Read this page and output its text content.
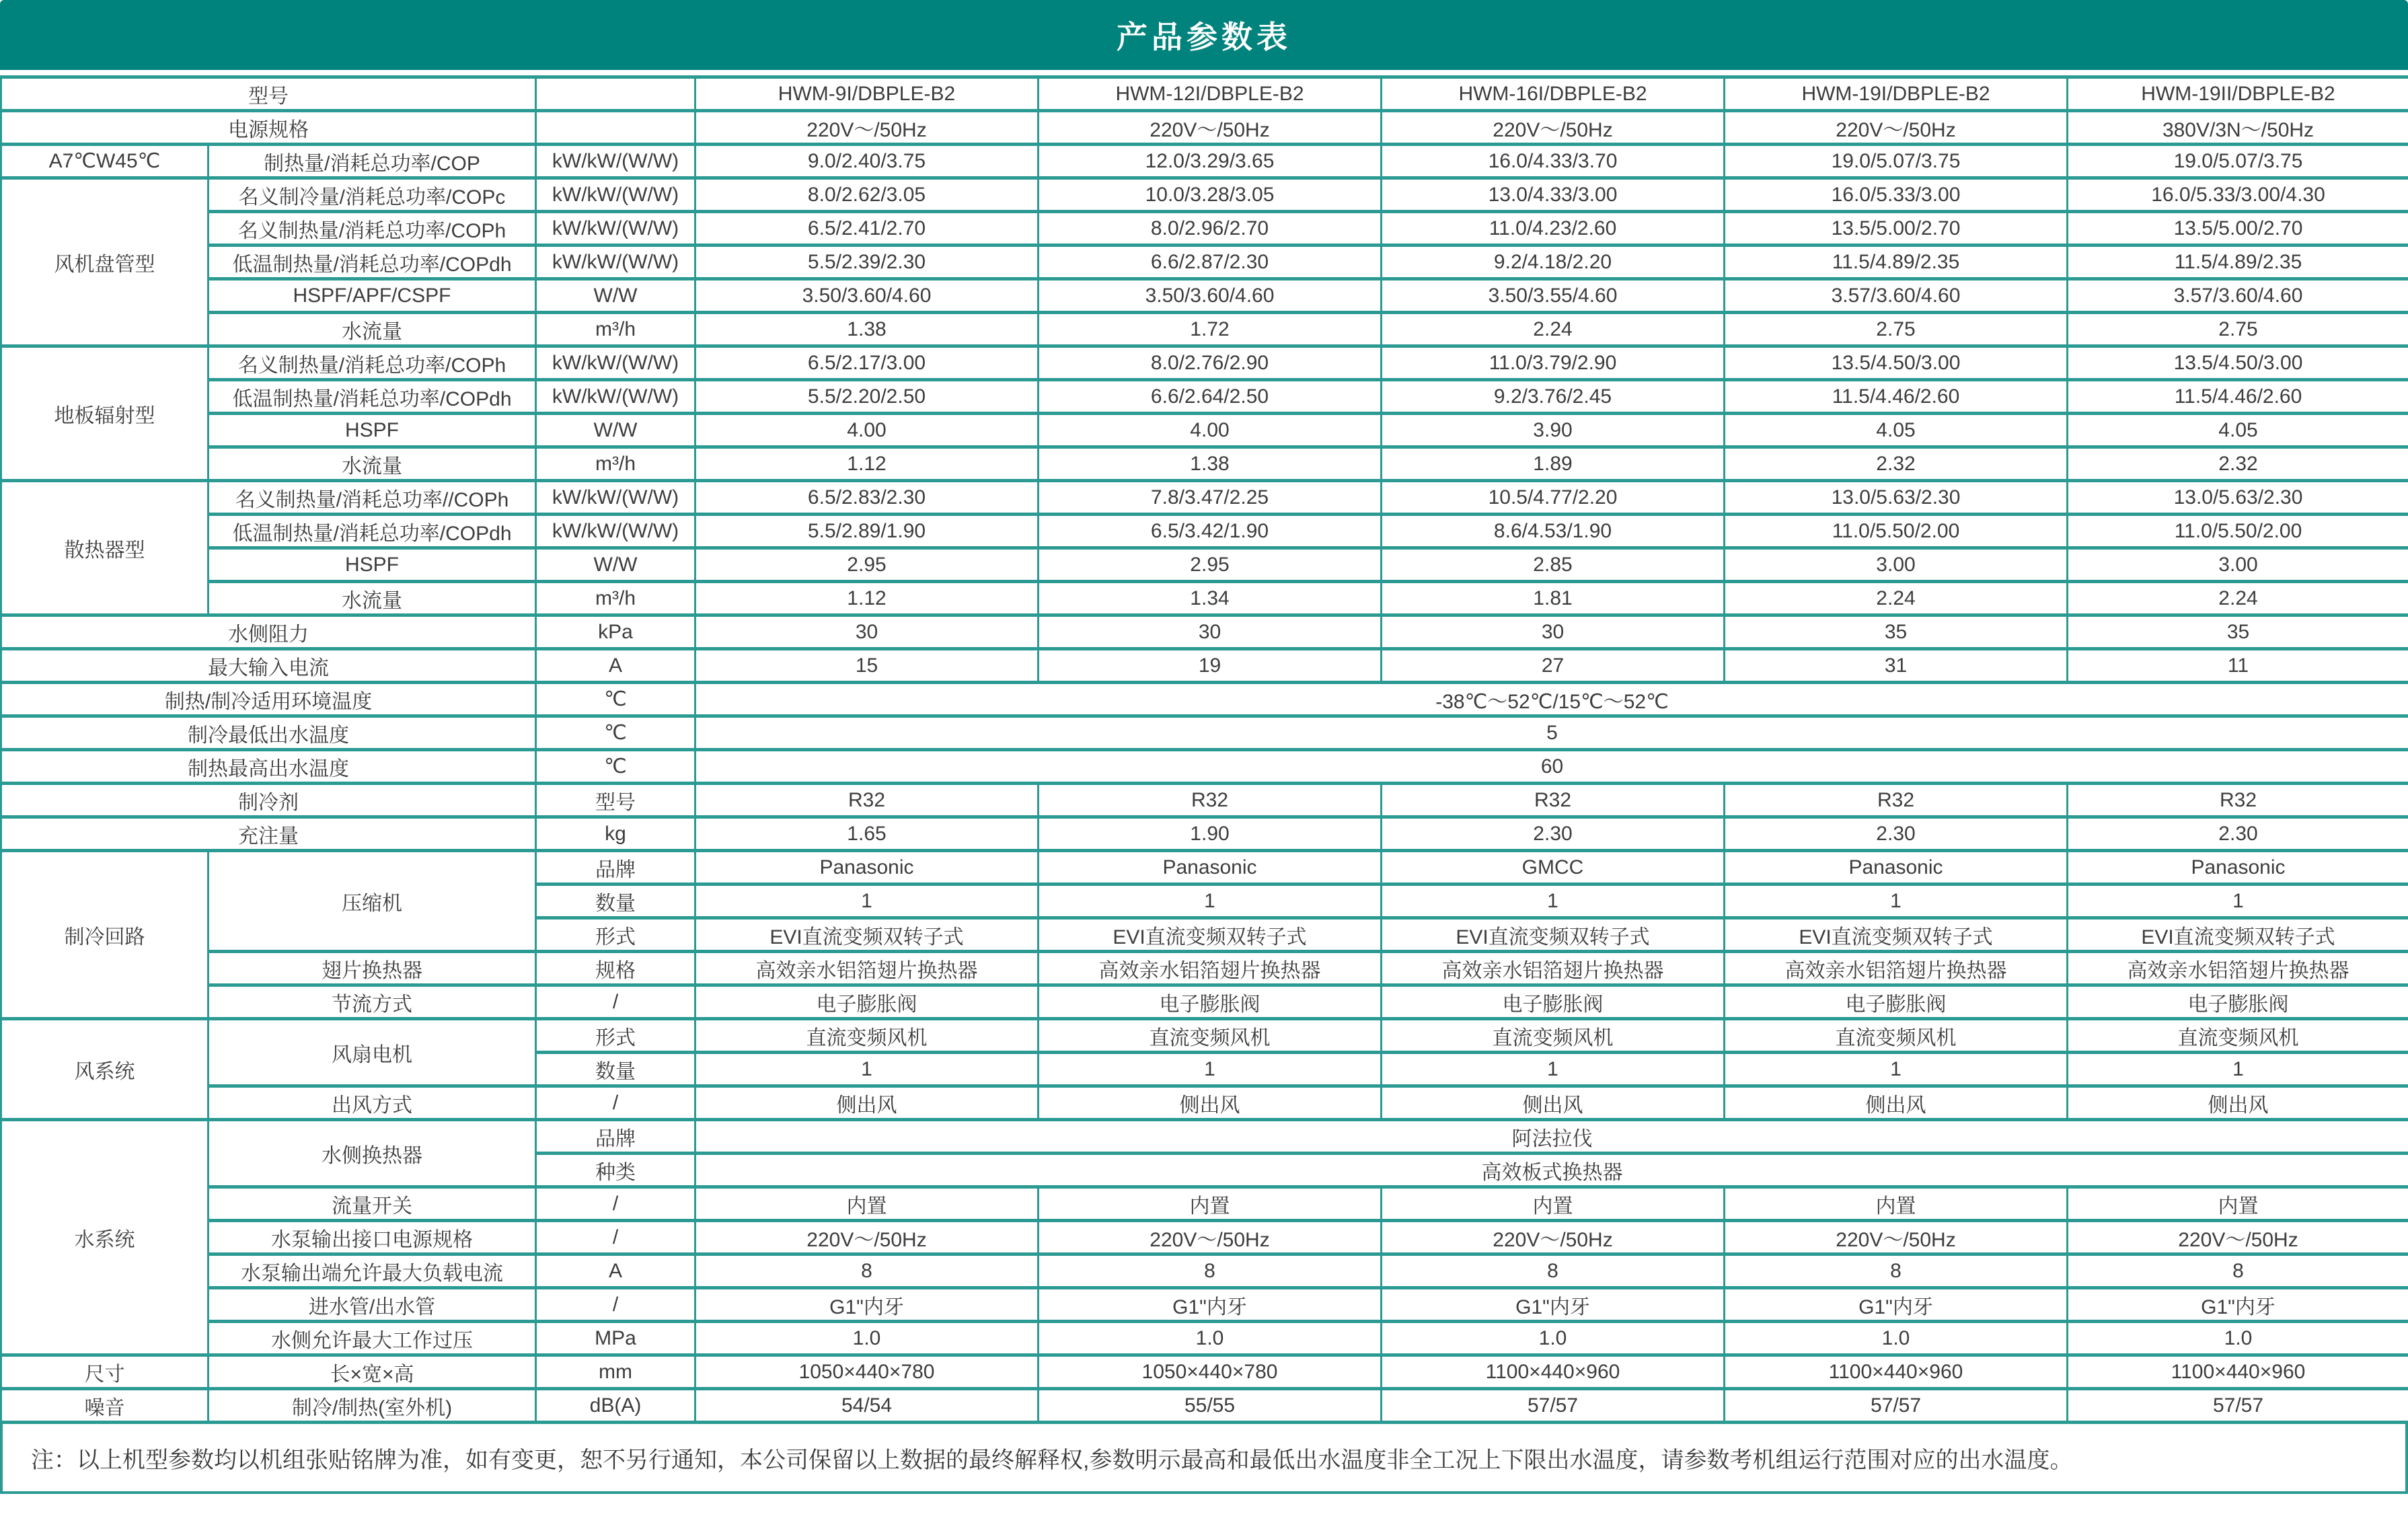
产品参数表
型号			HWM-9I/DBPLE-B2	HWM-12I/DBPLE-B2	HWM-16I/DBPLE-B2	HWM-19I/DBPLE-B2	HWM-19II/DBPLE-B2
电源规格			220V～/50Hz	220V～/50Hz	220V～/50Hz	220V～/50Hz	380V/3N～/50Hz
A7℃W45℃	制热量/消耗总功率/COP	kW/kW/(W/W)	9.0/2.40/3.75	12.0/3.29/3.65	16.0/4.33/3.70	19.0/5.07/3.75	19.0/5.07/3.75
风机盘管型	名义制冷量/消耗总功率/COPc	kW/kW/(W/W)	8.0/2.62/3.05	10.0/3.28/3.05	13.0/4.33/3.00	16.0/5.33/3.00	16.0/5.33/3.00/4.30
	名义制热量/消耗总功率/COPh	kW/kW/(W/W)	6.5/2.41/2.70	8.0/2.96/2.70	11.0/4.23/2.60	13.5/5.00/2.70	13.5/5.00/2.70
	低温制热量/消耗总功率/COPdh	kW/kW/(W/W)	5.5/2.39/2.30	6.6/2.87/2.30	9.2/4.18/2.20	11.5/4.89/2.35	11.5/4.89/2.35
	HSPF/APF/CSPF	W/W	3.50/3.60/4.60	3.50/3.60/4.60	3.50/3.55/4.60	3.57/3.60/4.60	3.57/3.60/4.60
	水流量	m³/h	1.38	1.72	2.24	2.75	2.75
地板辐射型	名义制热量/消耗总功率/COPh	kW/kW/(W/W)	6.5/2.17/3.00	8.0/2.76/2.90	11.0/3.79/2.90	13.5/4.50/3.00	13.5/4.50/3.00
	低温制热量/消耗总功率/COPdh	kW/kW/(W/W)	5.5/2.20/2.50	6.6/2.64/2.50	9.2/3.76/2.45	11.5/4.46/2.60	11.5/4.46/2.60
	HSPF	W/W	4.00	4.00	3.90	4.05	4.05
	水流量	m³/h	1.12	1.38	1.89	2.32	2.32
散热器型	名义制热量/消耗总功率//COPh	kW/kW/(W/W)	6.5/2.83/2.30	7.8/3.47/2.25	10.5/4.77/2.20	13.0/5.63/2.30	13.0/5.63/2.30
	低温制热量/消耗总功率/COPdh	kW/kW/(W/W)	5.5/2.89/1.90	6.5/3.42/1.90	8.6/4.53/1.90	11.0/5.50/2.00	11.0/5.50/2.00
	HSPF	W/W	2.95	2.95	2.85	3.00	3.00
	水流量	m³/h	1.12	1.34	1.81	2.24	2.24
水侧阻力		kPa	30	30	30	35	35
最大输入电流		A	15	19	27	31	11
制热/制冷适用环境温度		℃	-38℃～52℃/15℃～52℃				
制冷最低出水温度		℃	5				
制热最高出水温度		℃	60				
制冷剂		型号	R32	R32	R32	R32	R32
充注量		kg	1.65	1.90	2.30	2.30	2.30
制冷回路	压缩机	品牌	Panasonic	Panasonic	GMCC	Panasonic	Panasonic
		数量	1	1	1	1	1
		形式	EVI直流变频双转子式	EVI直流变频双转子式	EVI直流变频双转子式	EVI直流变频双转子式	EVI直流变频双转子式
	翅片换热器	规格	高效亲水铝箔翅片换热器	高效亲水铝箔翅片换热器	高效亲水铝箔翅片换热器	高效亲水铝箔翅片换热器	高效亲水铝箔翅片换热器
	节流方式	/	电子膨胀阀	电子膨胀阀	电子膨胀阀	电子膨胀阀	电子膨胀阀
风系统	风扇电机	形式	直流变频风机	直流变频风机	直流变频风机	直流变频风机	直流变频风机
		数量	1	1	1	1	1
	出风方式	/	侧出风	侧出风	侧出风	侧出风	侧出风
水系统	水侧换热器	品牌	阿法拉伐				
		种类	高效板式换热器				
	流量开关	/	内置	内置	内置	内置	内置
	水泵输出接口电源规格	/	220V～/50Hz	220V～/50Hz	220V～/50Hz	220V～/50Hz	220V～/50Hz
	水泵输出端允许最大负载电流	A	8	8	8	8	8
	进水管/出水管	/	G1"内牙	G1"内牙	G1"内牙	G1"内牙	G1"内牙
	水侧允许最大工作过压	MPa	1.0	1.0	1.0	1.0	1.0
尺寸	长×宽×高	mm	1050×440×780	1050×440×780	1100×440×960	1100×440×960	1100×440×960
噪音	制冷/制热(室外机)	dB(A)	54/54	55/55	57/57	57/57	57/57
注：以上机型参数均以机组张贴铭牌为准，如有变更，恕不另行通知，本公司保留以上数据的最终解释权,参数明示最高和最低出水温度非全工况上下限出水温度，请参数考机组运行范围对应的出水温度。
